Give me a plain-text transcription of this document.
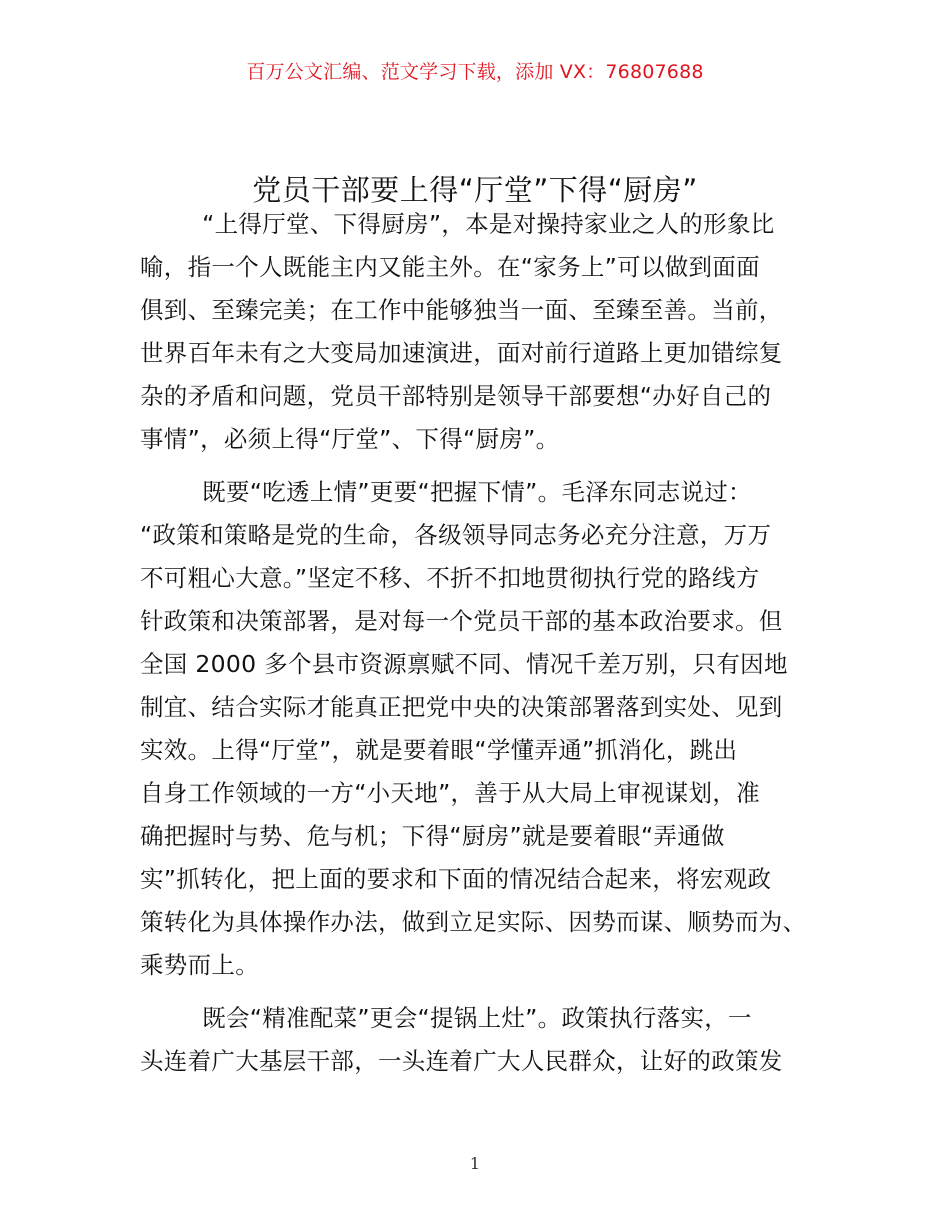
百万公文汇编、范文学习下载，添加 VX：76807688
党员干部要上得“厅堂”下得“厨房”
“上得厅堂、下得厨房”，本是对操持家业之人的形象比
喻，指一个人既能主内又能主外。在“家务上”可以做到面面
俱到、至臻完美；在工作中能够独当一面、至臻至善。当前，
世界百年未有之大变局加速演进，面对前行道路上更加错综复
杂的矛盾和问题，党员干部特别是领导干部要想“办好自己的
事情”，必须上得“厅堂”、下得“厨房”。
既要“吃透上情”更要“把握下情”。毛泽东同志说过：
“政策和策略是党的生命，各级领导同志务必充分注意，万万
不可粗心大意。”坚定不移、不折不扣地贯彻执行党的路线方
针政策和决策部署，是对每一个党员干部的基本政治要求。但
全国 2000 多个县市资源禀赋不同、情况千差万别，只有因地
制宜、结合实际才能真正把党中央的决策部署落到实处、见到
实效。上得“厅堂”，就是要着眼“学懂弄通”抓消化，跳出
自身工作领域的一方“小天地”，善于从大局上审视谋划，准
确把握时与势、危与机；下得“厨房”就是要着眼“弄通做
实”抓转化，把上面的要求和下面的情况结合起来，将宏观政
策转化为具体操作办法，做到立足实际、因势而谋、顺势而为、
乘势而上。
既会“精准配菜”更会“提锅上灶”。政策执行落实，一
头连着广大基层干部，一头连着广大人民群众，让好的政策发
1
